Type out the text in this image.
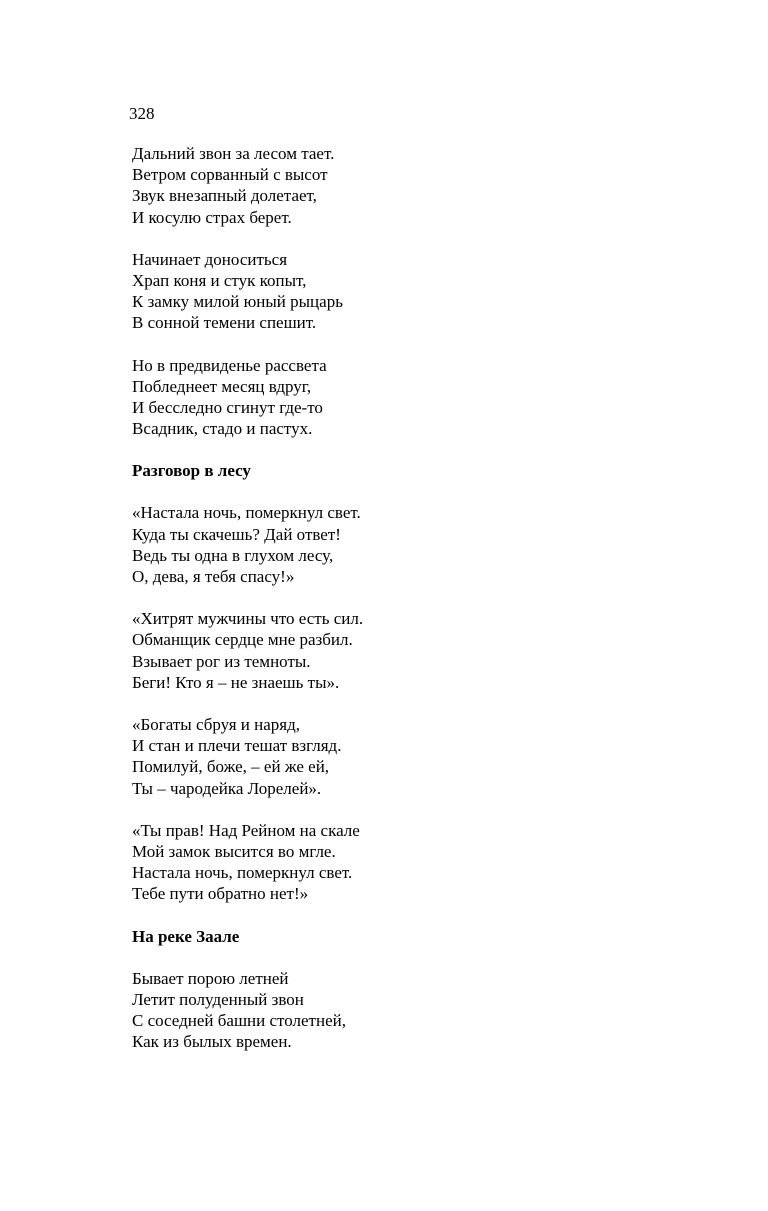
328
Дальний звон за лесом тает.
Ветром сорванный с высот
Звук внезапный долетает,
И косулю страх берет.
Начинает доноситься
Храп коня и стук копыт,
К замку милой юный рыцарь
В сонной темени спешит.
Но в предвиденье рассвета
Побледнеет месяц вдруг,
И бесследно сгинут где-то
Всадник, стадо и пастух.
Разговор в лесу
«Настала ночь, померкнул свет.
Куда ты скачешь? Дай ответ!
Ведь ты одна в глухом лесу,
О, дева, я тебя спасу!»
«Хитрят мужчины что есть сил.
Обманщик сердце мне разбил.
Взывает рог из темноты.
Беги! Кто я – не знаешь ты».
«Богаты сбруя и наряд,
И стан и плечи тешат взгляд.
Помилуй, боже, – ей же ей,
Ты – чародейка Лорелей».
«Ты прав! Над Рейном на скале
Мой замок высится во мгле.
Настала ночь, померкнул свет.
Тебе пути обратно нет!»
На реке Заале
Бывает порою летней
Летит полуденный звон
С соседней башни столетней,
Как из былых времен.
